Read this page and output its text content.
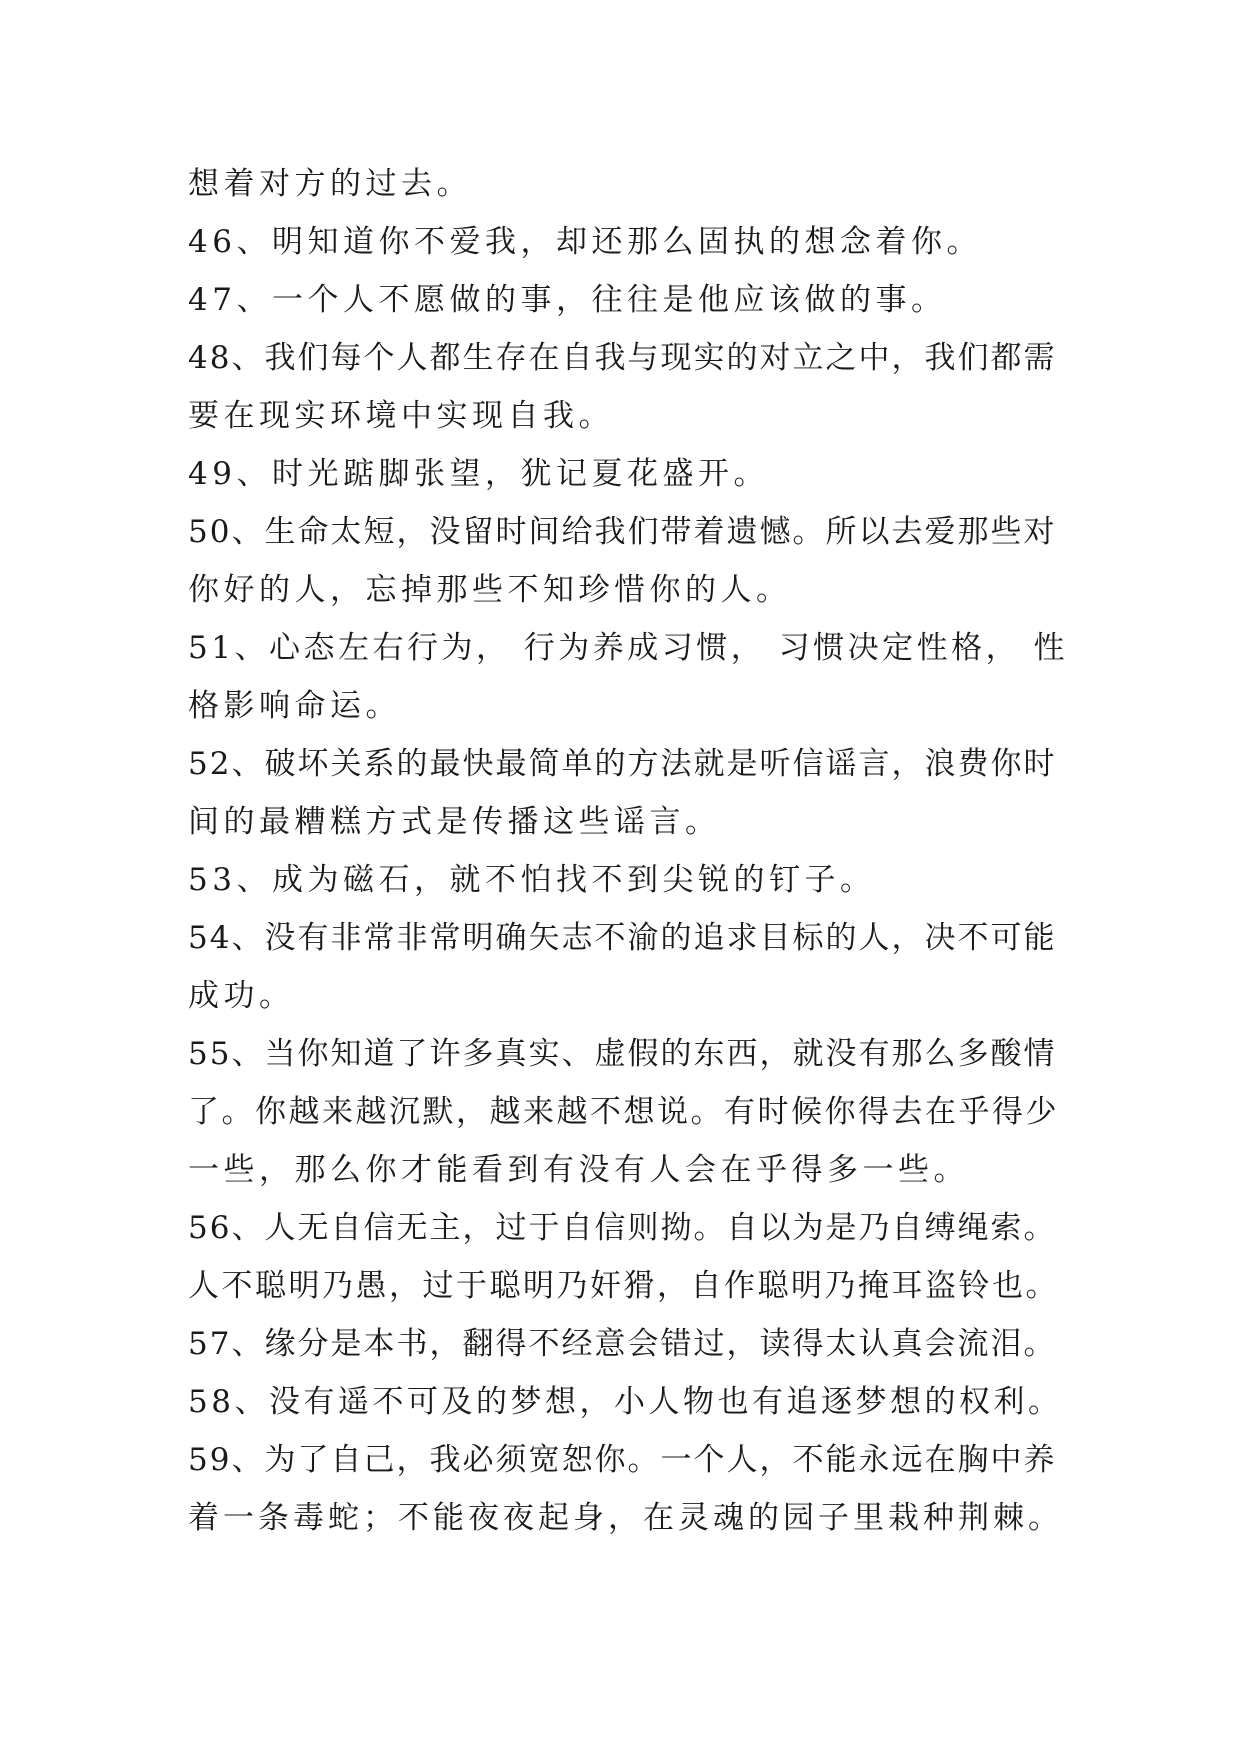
想着对方的过去。
46、明知道你不爱我，却还那么固执的想念着你。
47、一个人不愿做的事，往往是他应该做的事。
48、我们每个人都生存在自我与现实的对立之中，我们都需
要在现实环境中实现自我。
49、时光踮脚张望，犹记夏花盛开。
50、生命太短，没留时间给我们带着遗憾。所以去爱那些对
你好的人，忘掉那些不知珍惜你的人。
51、心态左右行为， 行为养成习惯， 习惯决定性格， 性
格影响命运。
52、破坏关系的最快最简单的方法就是听信谣言，浪费你时
间的最糟糕方式是传播这些谣言。
53、成为磁石，就不怕找不到尖锐的钉子。
54、没有非常非常明确矢志不渝的追求目标的人，决不可能
成功。
55、当你知道了许多真实、虚假的东西，就没有那么多酸情
了。你越来越沉默，越来越不想说。有时候你得去在乎得少
一些，那么你才能看到有没有人会在乎得多一些。
56、人无自信无主，过于自信则拗。自以为是乃自缚绳索。
人不聪明乃愚，过于聪明乃奸猾，自作聪明乃掩耳盗铃也。
57、缘分是本书，翻得不经意会错过，读得太认真会流泪。
58、没有遥不可及的梦想，小人物也有追逐梦想的权利。
59、为了自己，我必须宽恕你。一个人，不能永远在胸中养
着一条毒蛇；不能夜夜起身，在灵魂的园子里栽种荆棘。
